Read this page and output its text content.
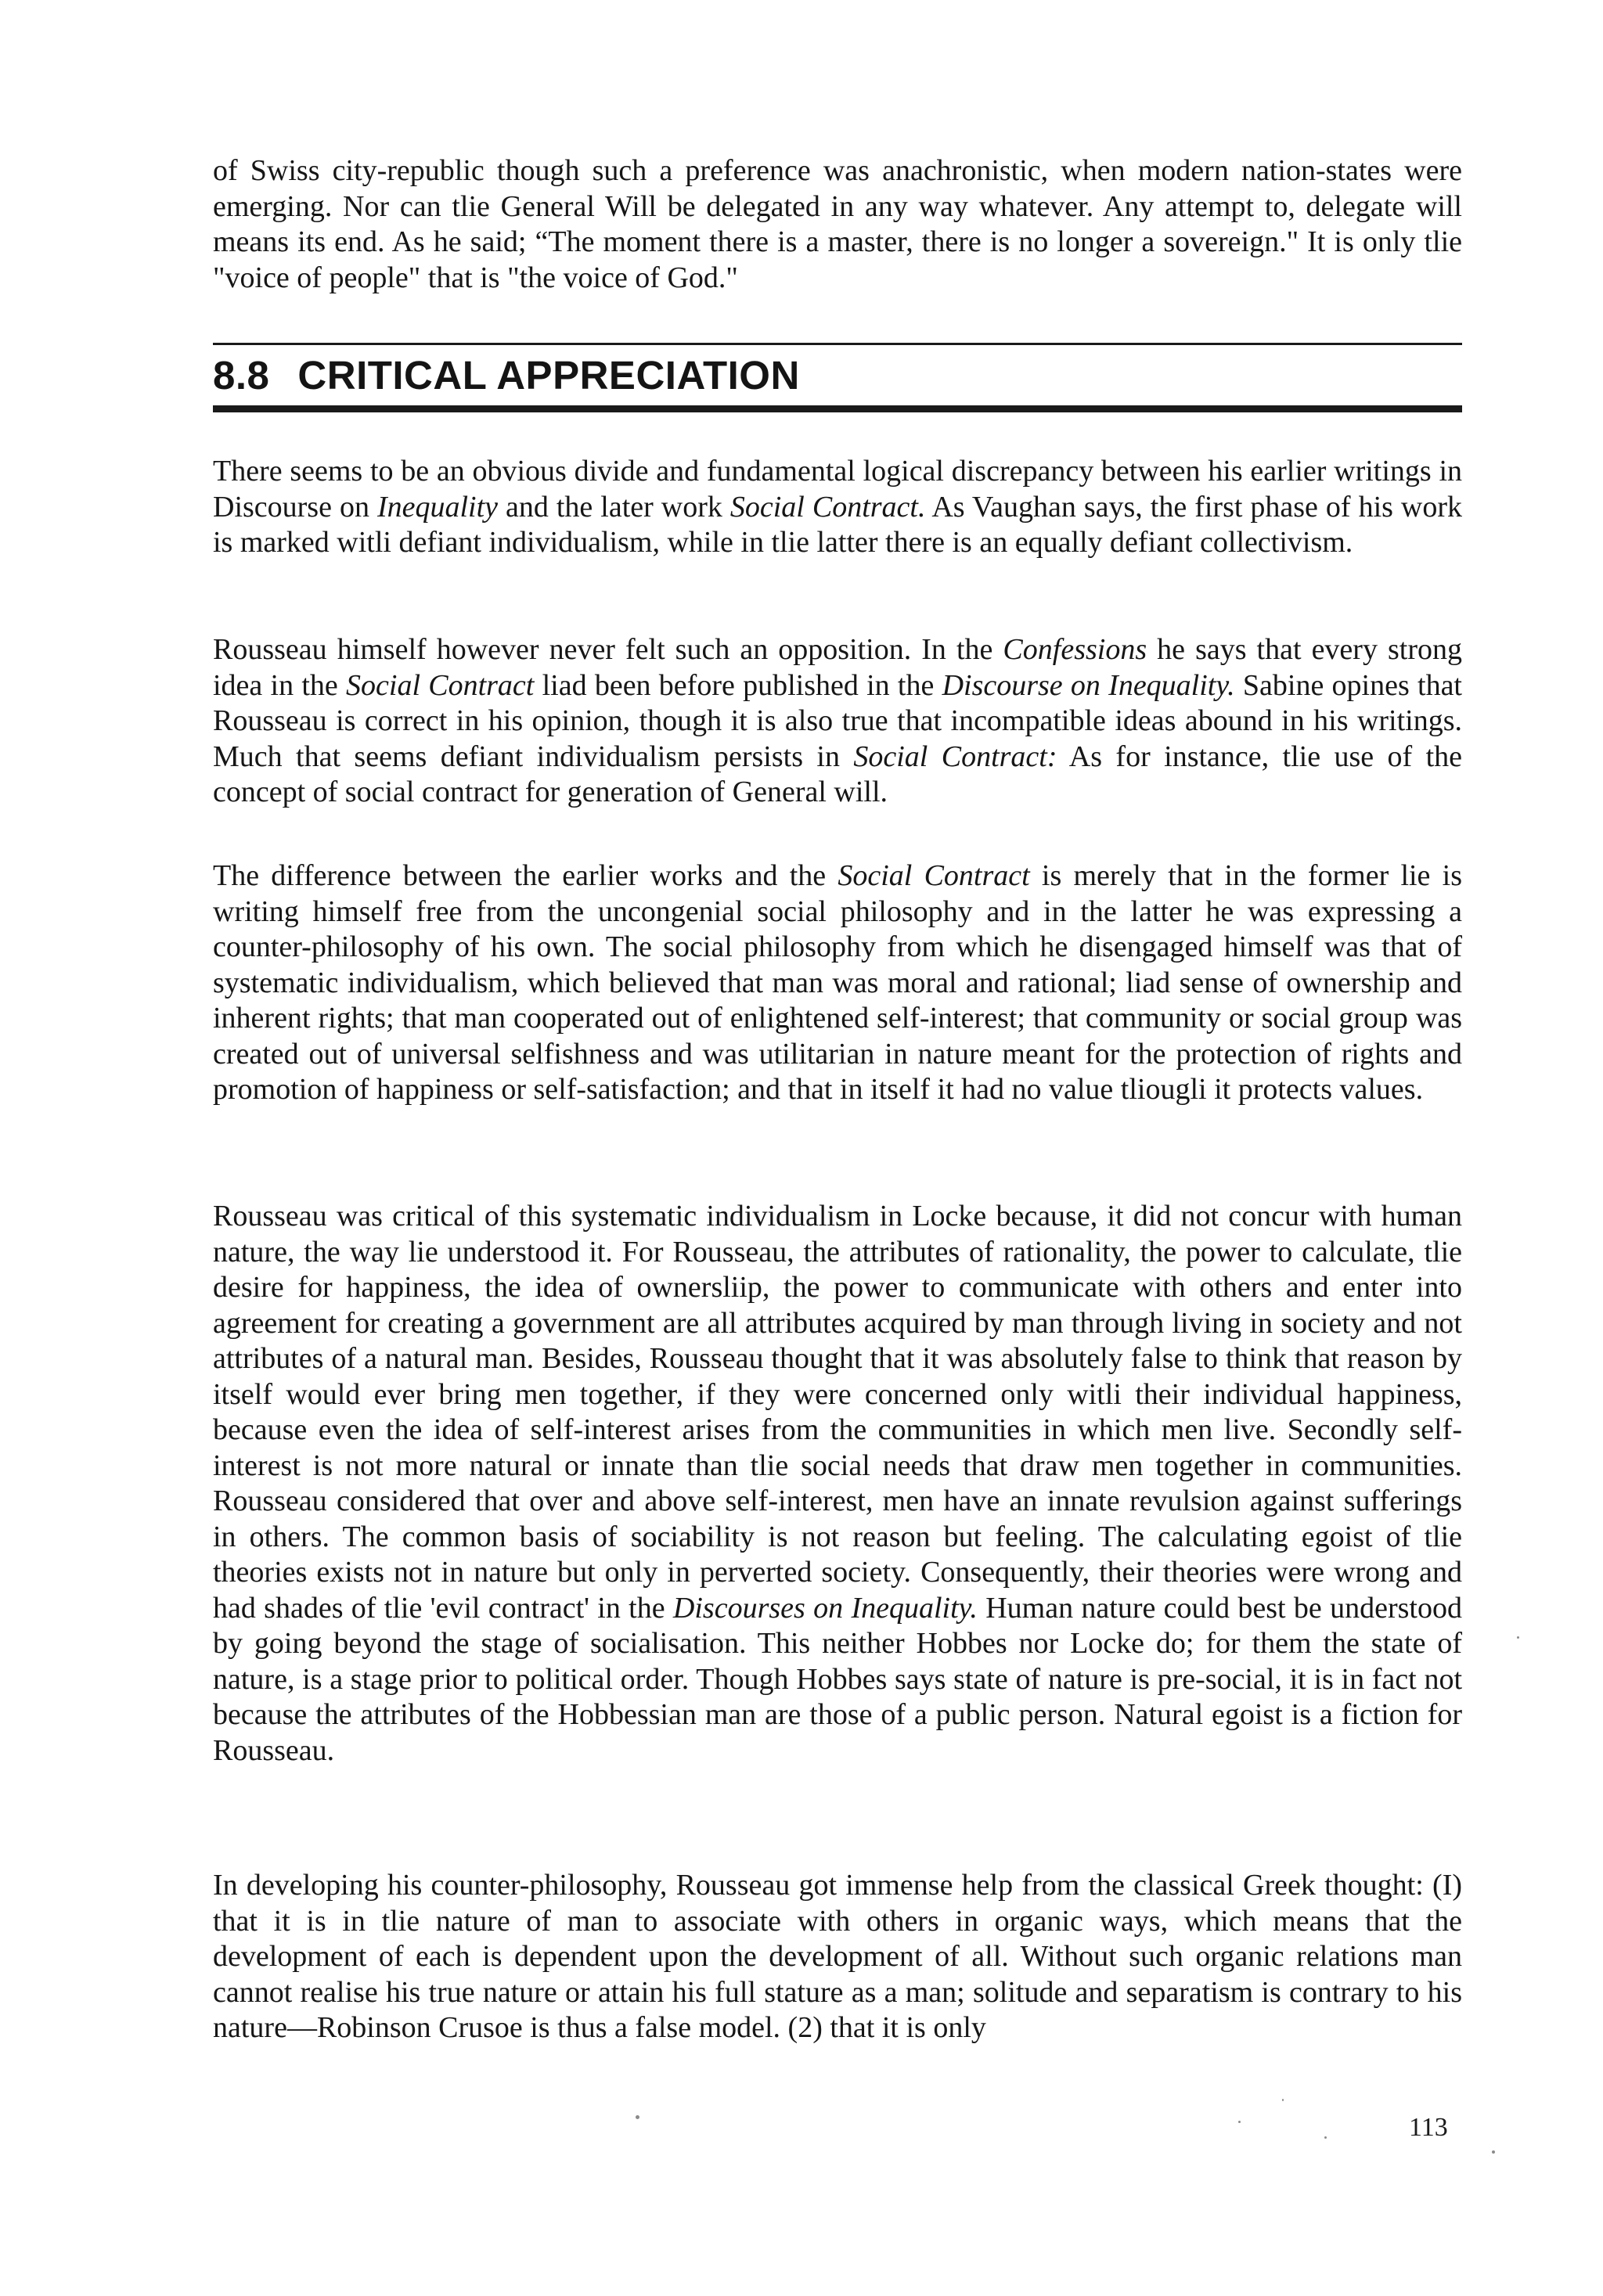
of Swiss city-republic though such a preference was anachronistic, when modern nation-states were emerging. Nor can tlie General Will be delegated in any way whatever. Any attempt to, delegate will means its end. As he said; “The moment there is a master, there is no longer a sovereign." It is only tlie "voice of people" that is "the voice of God."

8.8 CRITICAL APPRECIATION

There seems to be an obvious divide and fundamental logical discrepancy between his earlier writings in Discourse on Inequality and the later work Social Contract. As Vaughan says, the first phase of his work is marked witli defiant individualism, while in tlie latter there is an equally defiant collectivism.

Rousseau himself however never felt such an opposition. In the Confessions he says that every strong idea in the Social Contract liad been before published in the Discourse on Inequality. Sabine opines that Rousseau is correct in his opinion, though it is also true that incompatible ideas abound in his writings. Much that seems defiant individualism persists in Social Contract: As for instance, tlie use of the concept of social contract for generation of General will.

The difference between the earlier works and the Social Contract is merely that in the former lie is writing himself free from the uncongenial social philosophy and in the latter he was expressing a counter-philosophy of his own. The social philosophy from which he disengaged himself was that of systematic individualism, which believed that man was moral and rational; liad sense of ownership and inherent rights; that man cooperated out of enlightened self-interest; that community or social group was created out of universal selfishness and was utilitarian in nature meant for the protection of rights and promotion of happiness or self-satisfaction; and that in itself it had no value tliougli it protects values.

Rousseau was critical of this systematic individualism in Locke because, it did not concur with human nature, the way lie understood it. For Rousseau, the attributes of rationality, the power to calculate, tlie desire for happiness, the idea of ownersliip, the power to communicate with others and enter into agreement for creating a government are all attributes acquired by man through living in society and not attributes of a natural man. Besides, Rousseau thought that it was absolutely false to think that reason by itself would ever bring men together, if they were concerned only witli their individual happiness, because even the idea of self-interest arises from the communities in which men live. Secondly self-interest is not more natural or innate than tlie social needs that draw men together in communities. Rousseau considered that over and above self-interest, men have an innate revulsion against sufferings in others. The common basis of sociability is not reason but feeling. The calculating egoist of tlie theories exists not in nature but only in perverted society. Consequently, their theories were wrong and had shades of tlie 'evil contract' in the Discourses on Inequality. Human nature could best be understood by going beyond the stage of socialisation. This neither Hobbes nor Locke do; for them the state of nature, is a stage prior to political order. Though Hobbes says state of nature is pre-social, it is in fact not because the attributes of the Hobbessian man are those of a public person. Natural egoist is a fiction for Rousseau.

In developing his counter-philosophy, Rousseau got immense help from the classical Greek thought: (I) that it is in tlie nature of man to associate with others in organic ways, which means that the development of each is dependent upon the development of all. Without such organic relations man cannot realise his true nature or attain his full stature as a man; solitude and separatism is contrary to his nature—Robinson Crusoe is thus a false model. (2) that it is only

113
